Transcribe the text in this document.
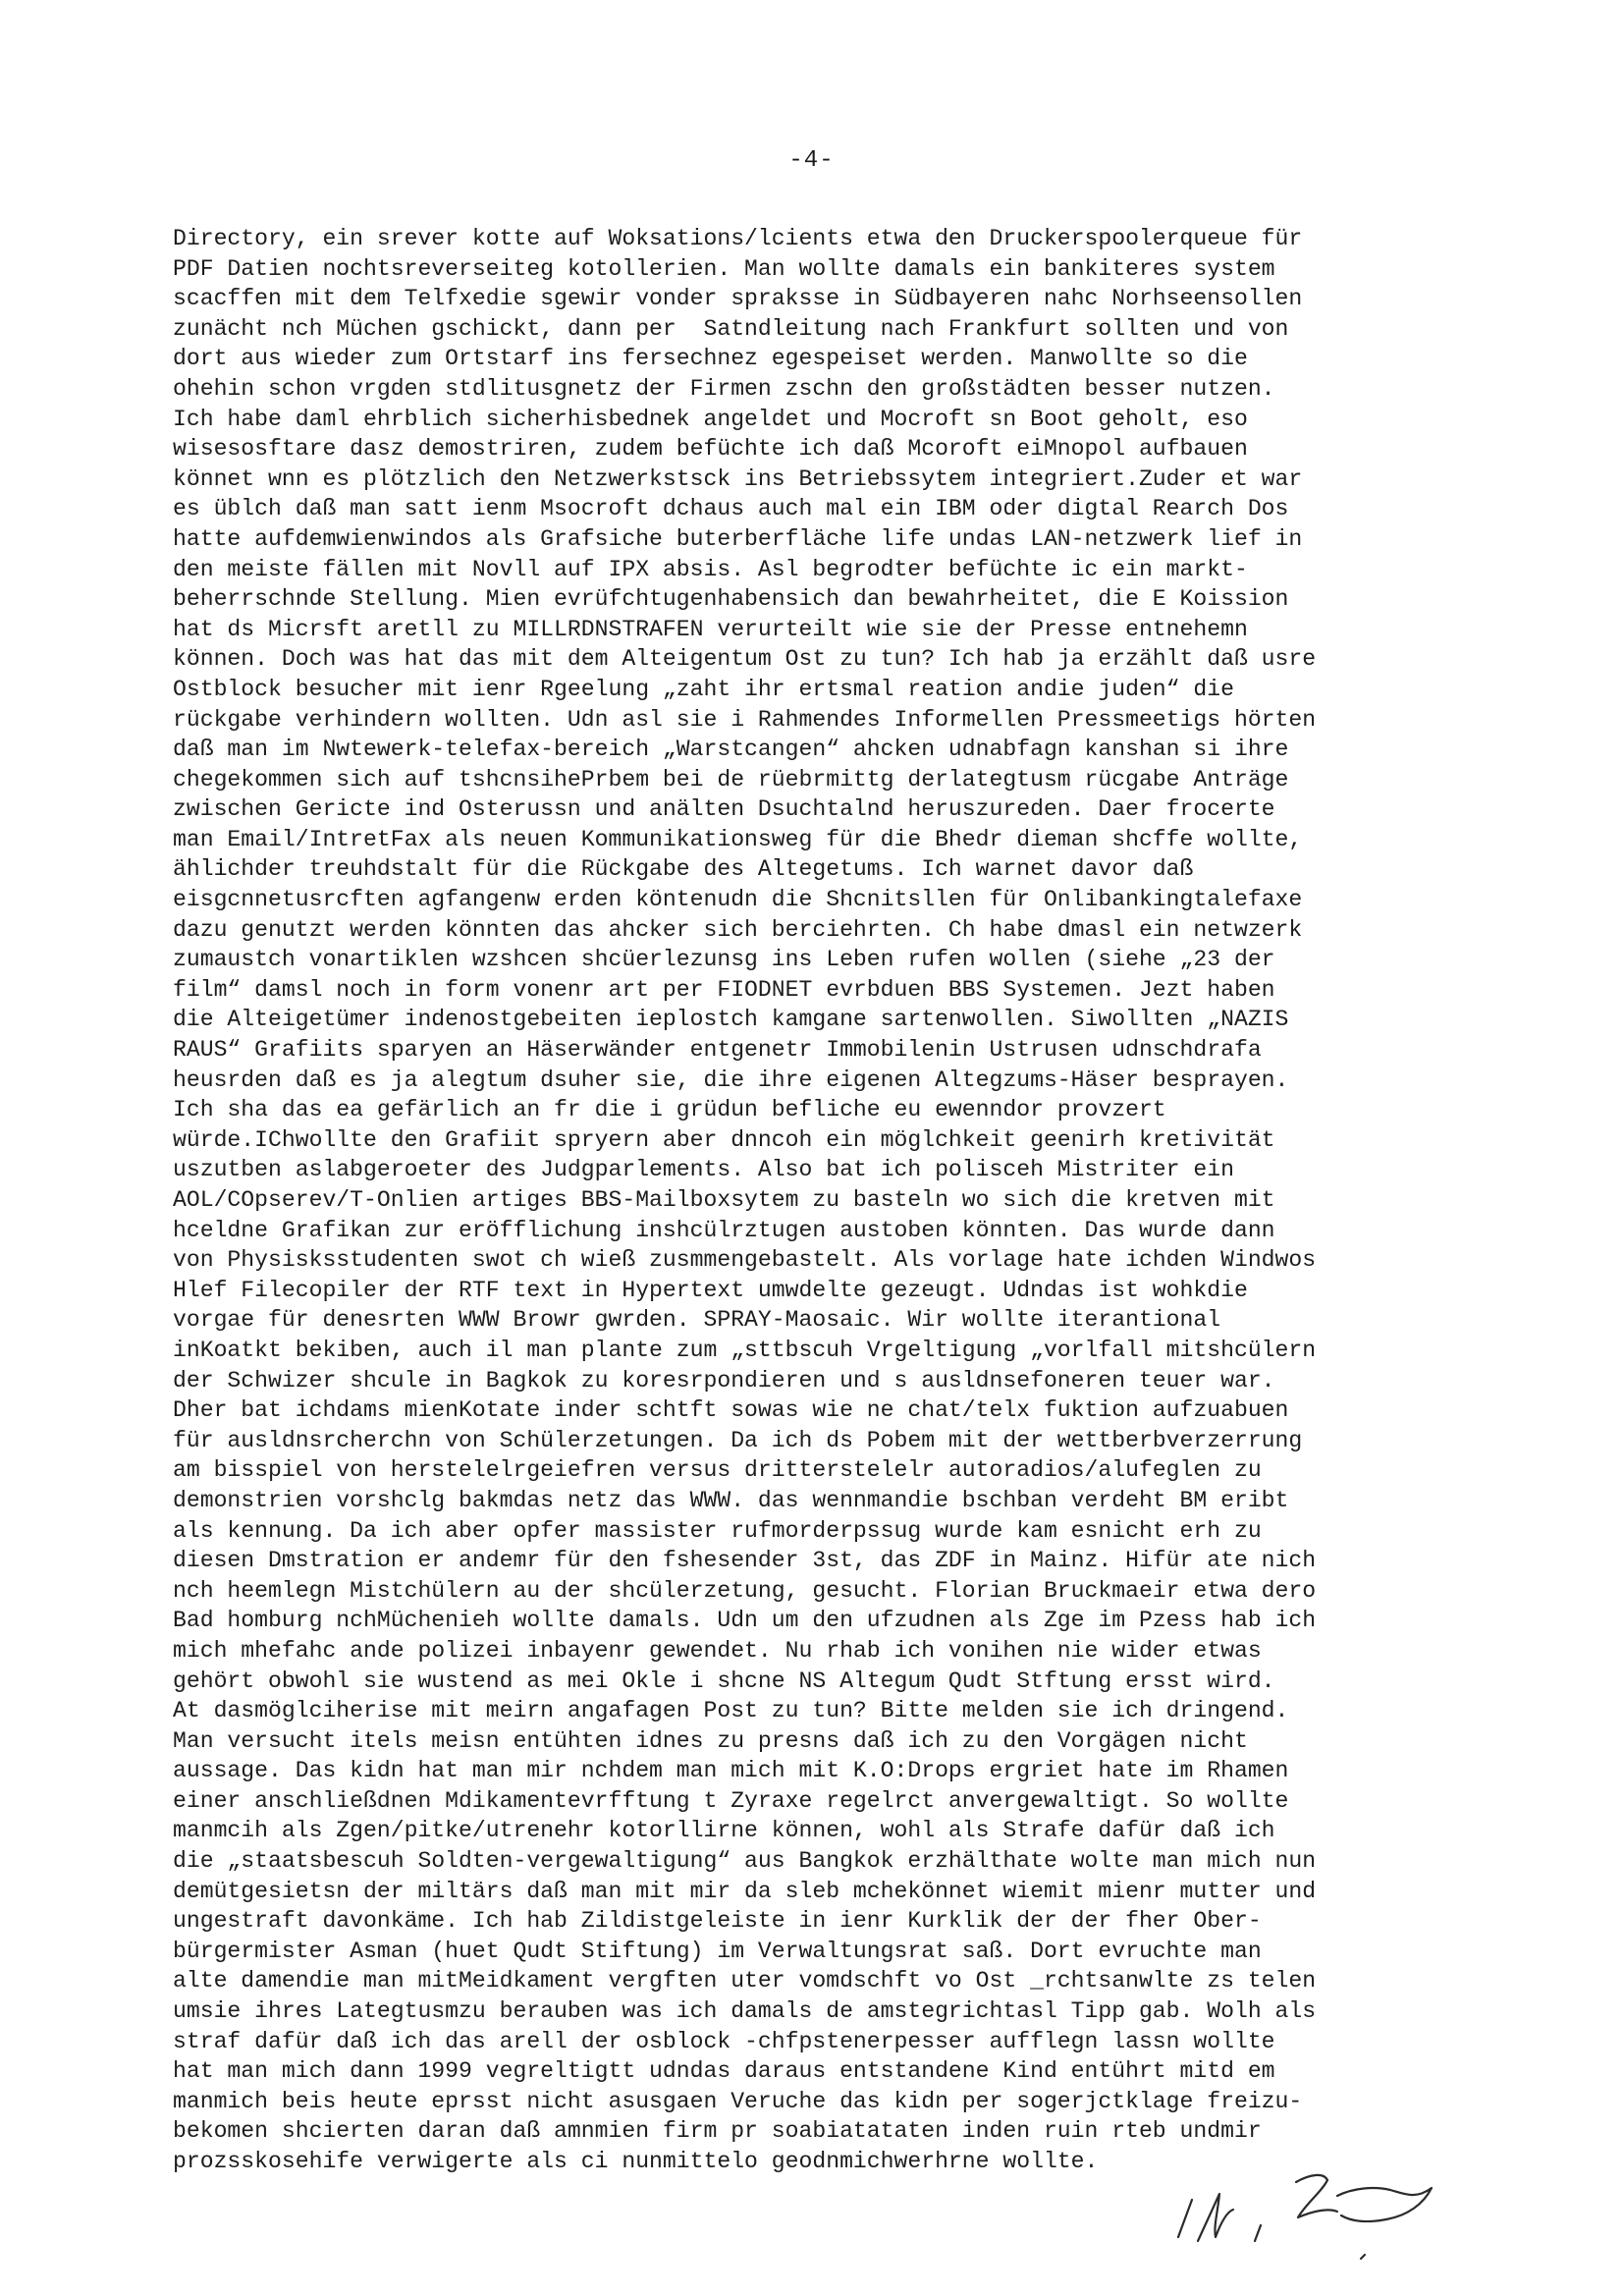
-4-
Directory, ein srever kotte auf Woksations/lcients etwa den Druckerspoolerqueue für
PDF Datien nochtsreverseiteg kotollerien. Man wollte damals ein bankiteres system
scacffen mit dem Telfxedie sgewir vonder spraksse in Südbayeren nahc Norhseensollen
zunächt nch Müchen gschickt, dann per  Satndleitung nach Frankfurt sollten und von
dort aus wieder zum Ortstarf ins fersechnez egespeiset werden. Manwollte so die
ohehin schon vrgden stdlitusgnetz der Firmen zschn den großstädten besser nutzen.
Ich habe daml ehrblich sicherhisbednek angeldet und Mocroft sn Boot geholt, eso
wisesosftare dasz demostriren, zudem befüchte ich daß Mcoroft eiMnopol aufbauen
könnet wnn es plötzlich den Netzwerkstsck ins Betriebssytem integriert.Zuder et war
es üblch daß man satt ienm Msocroft dchaus auch mal ein IBM oder digtal Rearch Dos
hatte aufdemwienwindos als Grafsiche buterberfläche life undas LAN-netzwerk lief in
den meiste fällen mit Novll auf IPX absis. Asl begrodter befüchte ic ein markt-
beherrschnde Stellung. Mien evrüfchtugenhabensich dan bewahrheitet, die E Koission
hat ds Micrsft aretll zu MILLRDNSTRAFEN verurteilt wie sie der Presse entnehemn
können. Doch was hat das mit dem Alteigentum Ost zu tun? Ich hab ja erzählt daß usre
Ostblock besucher mit ienr Rgeelung „zaht ihr ertsmal reation andie juden“ die
rückgabe verhindern wollten. Udn asl sie i Rahmendes Informellen Pressmeetigs hörten
daß man im Nwtewerk-telefax-bereich „Warstcangen“ ahcken udnabfagn kanshan si ihre
chegekommen sich auf tshcnsihePrbem bei de rüebrmittg derlategtusm rücgabe Anträge
zwischen Gericte ind Osterussn und anälten Dsuchtalnd heruszureden. Daer frocerte
man Email/IntretFax als neuen Kommunikationsweg für die Bhedr dieman shcffe wollte,
ählichder treuhdstalt für die Rückgabe des Altegetums. Ich warnet davor daß
eisgcnnetusrcften agfangenw erden köntenudn die Shcnitsllen für Onlibankingtalefaxe
dazu genutzt werden könnten das ahcker sich berciehrten. Ch habe dmasl ein netwzerk
zumaustch vonartiklen wzshcen shcüerlezunsg ins Leben rufen wollen (siehe „23 der
film“ damsl noch in form vonenr art per FIODNET evrbduen BBS Systemen. Jezt haben
die Alteigetümer indenostgebeiten ieplostch kamgane sartenwollen. Siwollten „NAZIS
RAUS“ Grafiits sparyen an Häserwänder entgenetr Immobilenin Ustrusen udnschdrafa
heusrden daß es ja alegtum dsuher sie, die ihre eigenen Altegzums-Häser besprayen.
Ich sha das ea gefärlich an fr die i grüdun befliche eu ewenndor provzert
würde.IChwollte den Grafiit spryern aber dnncoh ein möglchkeit geenirh kretivität
uszutben aslabgeroeter des Judgparlements. Also bat ich polisceh Mistriter ein
AOL/COpserev/T-Onlien artiges BBS-Mailboxsytem zu basteln wo sich die kretven mit
hceldne Grafikan zur eröfflichung inshcülrztugen austoben könnten. Das wurde dann
von Physisksstudenten swot ch wieß zusmmengebastelt. Als vorlage hate ichden Windwos
Hlef Filecopiler der RTF text in Hypertext umwdelte gezeugt. Udndas ist wohkdie
vorgae für denesrten WWW Browr gwrden. SPRAY-Maosaic. Wir wollte iterantional
inKoatkt bekiben, auch il man plante zum „sttbscuh Vrgeltigung „vorlfall mitshcülern
der Schwizer shcule in Bagkok zu koresrpondieren und s ausldnsefoneren teuer war.
Dher bat ichdams mienKotate inder schtft sowas wie ne chat/telx fuktion aufzuabuen
für ausldnsrcherchn von Schülerzetungen. Da ich ds Pobem mit der wettberbverzerrung
am bisspiel von herstelelrgeiefren versus dritterstelelr autoradios/alufeglen zu
demonstrien vorshclg bakmdas netz das WWW. das wennmandie bschban verdeht BM eribt
als kennung. Da ich aber opfer massister rufmorderpssug wurde kam esnicht erh zu
diesen Dmstration er andemr für den fshesender 3st, das ZDF in Mainz. Hifür ate nich
nch heemlegn Mistchülern au der shcülerzetung, gesucht. Florian Bruckmaeir etwa dero
Bad homburg nchMüchenieh wollte damals. Udn um den ufzudnen als Zge im Pzess hab ich
mich mhefahc ande polizei inbayenr gewendet. Nu rhab ich vonihen nie wider etwas
gehört obwohl sie wustend as mei Okle i shcne NS Altegum Qudt Stftung ersst wird.
At dasmöglciherise mit meirn angafagen Post zu tun? Bitte melden sie ich dringend.
Man versucht itels meisn entühten idnes zu presns daß ich zu den Vorgägen nicht
aussage. Das kidn hat man mir nchdem man mich mit K.O:Drops ergriet hate im Rhamen
einer anschließdnen Mdikamentevrfftung t Zyraxe regelrct anvergewaltigt. So wollte
manmcih als Zgen/pitke/utrenehr kotorllirne können, wohl als Strafe dafür daß ich
die „staatsbescuh Soldten-vergewaltigung“ aus Bangkok erzhälthate wolte man mich nun
demütgesietsn der miltärs daß man mit mir da sleb mchekönnet wiemit mienr mutter und
ungestraft davonkäme. Ich hab Zildistgeleiste in ienr Kurklik der der fher Ober-
bürgermister Asman (huet Qudt Stiftung) im Verwaltungsrat saß. Dort evruchte man
alte damendie man mitMeidkament vergften uter vomdschft vo Ost _rchtsanwlte zs telen
umsie ihres Lategtusmzu berauben was ich damals de amstegrichtasl Tipp gab. Wolh als
straf dafür daß ich das arell der osblock -chfpstenerpesser aufflegn lassn wollte
hat man mich dann 1999 vegreltigtt udndas daraus entstandene Kind entührt mitd em
manmich beis heute eprsst nicht asusgaen Veruche das kidn per sogerjctklage freizu-
bekomen shcierten daran daß amnmien firm pr soabiatataten inden ruin rteb undmir
prozsskosehife verwigerte als ci nunmittelo geodnmichwerhrne wollte.
